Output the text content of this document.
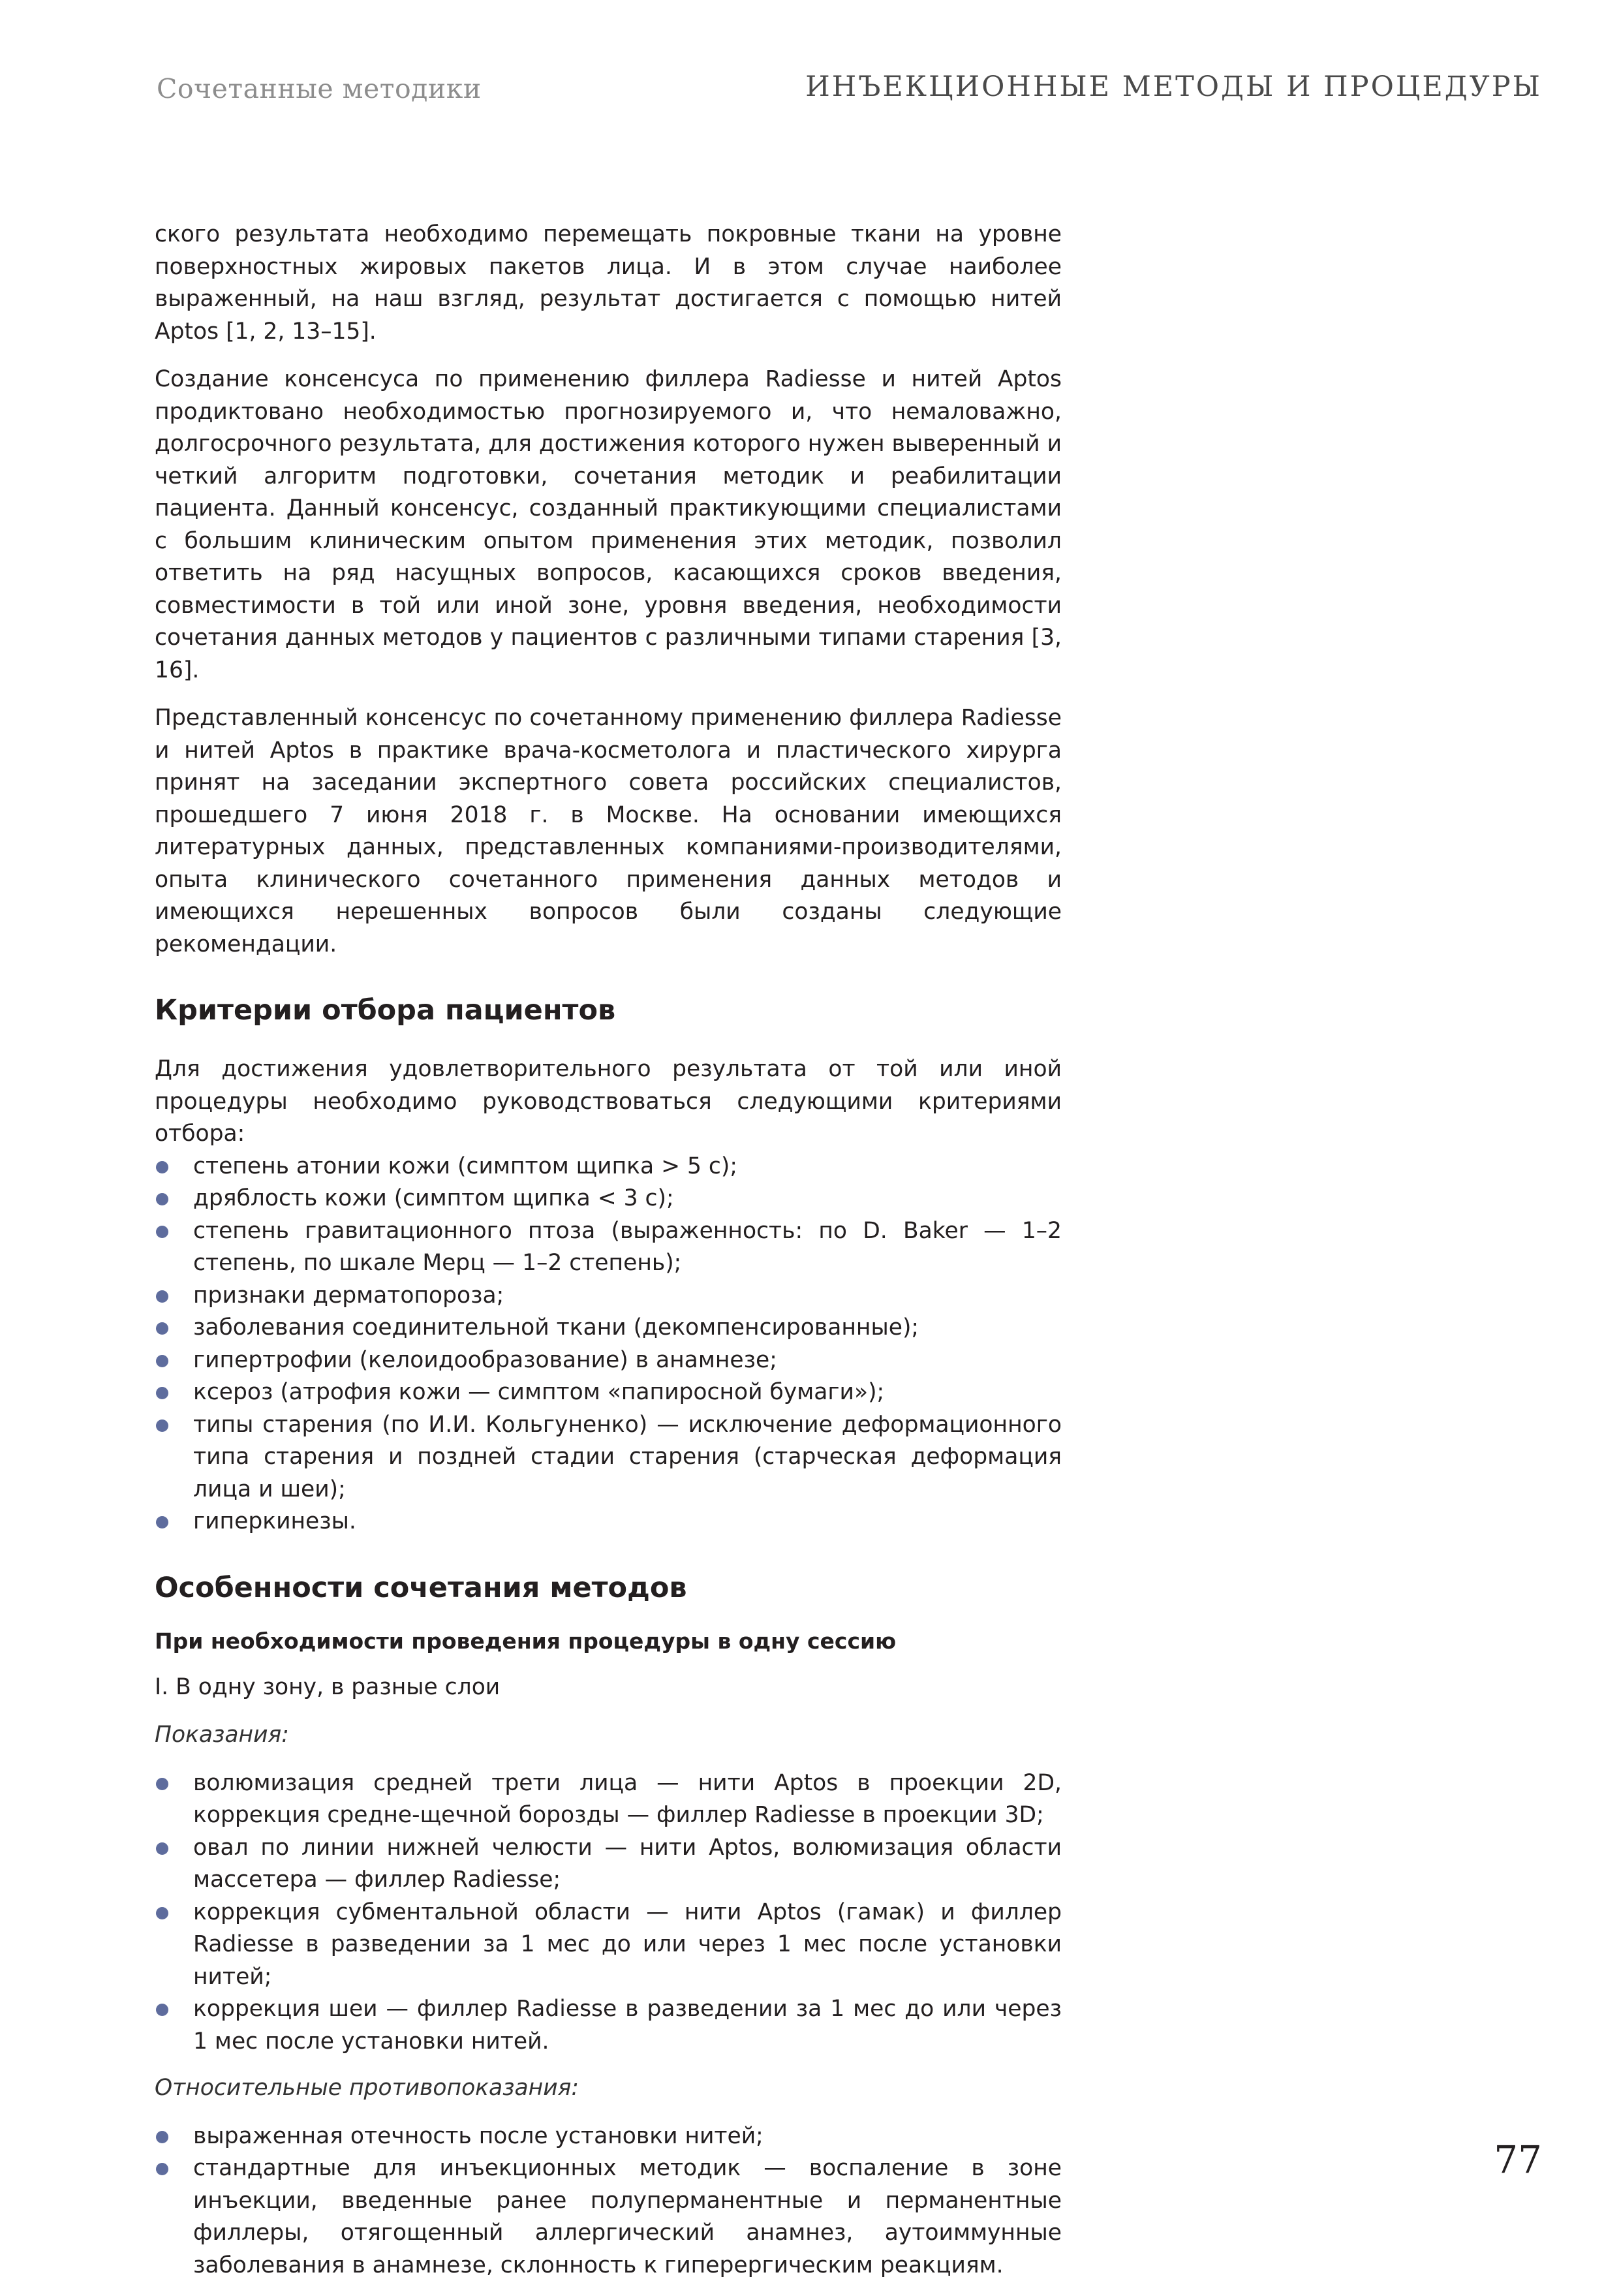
Сочетанные методики	ИНЪЕКЦИОННЫЕ МЕТОДЫ И ПРОЦЕДУРЫ

ского результата необходимо перемещать покровные ткани на уровне поверхностных жировых пакетов лица. И в этом случае наиболее выраженный, на наш взгляд, результат достигается с помощью нитей Aptos [1, 2, 13–15].

Создание консенсуса по применению филлера Radiesse и нитей Aptos продиктовано необходимостью прогнозируемого и, что немаловажно, долгосрочного результата, для достижения которого нужен выверенный и четкий алгоритм подготовки, сочетания методик и реабилитации пациента. Данный консенсус, созданный практикующими специалистами с большим клиническим опытом применения этих методик, позволил ответить на ряд насущных вопросов, касающихся сроков введения, совместимости в той или иной зоне, уровня введения, необходимости сочетания данных методов у пациентов с различными типами старения [3, 16].

Представленный консенсус по сочетанному применению филлера Radiesse и нитей Aptos в практике врача-косметолога и пластического хирурга принят на заседании экспертного совета российских специалистов, прошедшего 7 июня 2018 г. в Москве. На основании имеющихся литературных данных, представленных компаниями-производителями, опыта клинического сочетанного применения данных методов и имеющихся нерешенных вопросов были созданы следующие рекомендации.

Критерии отбора пациентов

Для достижения удовлетворительного результата от той или иной процедуры необходимо руководствоваться следующими критериями отбора:

степень атонии кожи (симптом щипка > 5 с);
дряблость кожи (симптом щипка < 3 с);
степень гравитационного птоза (выраженность: по D. Baker — 1–2 степень, по шкале Мерц — 1–2 степень);
признаки дерматопороза;
заболевания соединительной ткани (декомпенсированные);
гипертрофии (келоидообразование) в анамнезе;
ксероз (атрофия кожи — симптом «папиросной бумаги»);
типы старения (по И.И. Кольгуненко) — исключение деформационного типа старения и поздней стадии старения (старческая деформация лица и шеи);
гиперкинезы.
Особенности сочетания методов
При необходимости проведения процедуры в одну сессию

I. В одну зону, в разные слои

Показания:

волюмизация средней трети лица — нити Aptos в проекции 2D, коррекция средне-щечной борозды — филлер Radiesse в проекции 3D;
овал по линии нижней челюсти — нити Aptos, волюмизация области массетера — филлер Radiesse;
коррекция субментальной области — нити Aptos (гамак) и филлер Radiesse в разведении за 1 мес до или через 1 мес после установки нитей;
коррекция шеи — филлер Radiesse в разведении за 1 мес до или через 1 мес после установки нитей.

Относительные противопоказания:

выраженная отечность после установки нитей;
стандартные для инъекционных методик — воспаление в зоне инъекции, введенные ранее полуперманентные и перманентные филлеры, отягощенный аллергический анамнез, аутоиммунные заболевания в анамнезе, склонность к гиперергическим реакциям.
77
